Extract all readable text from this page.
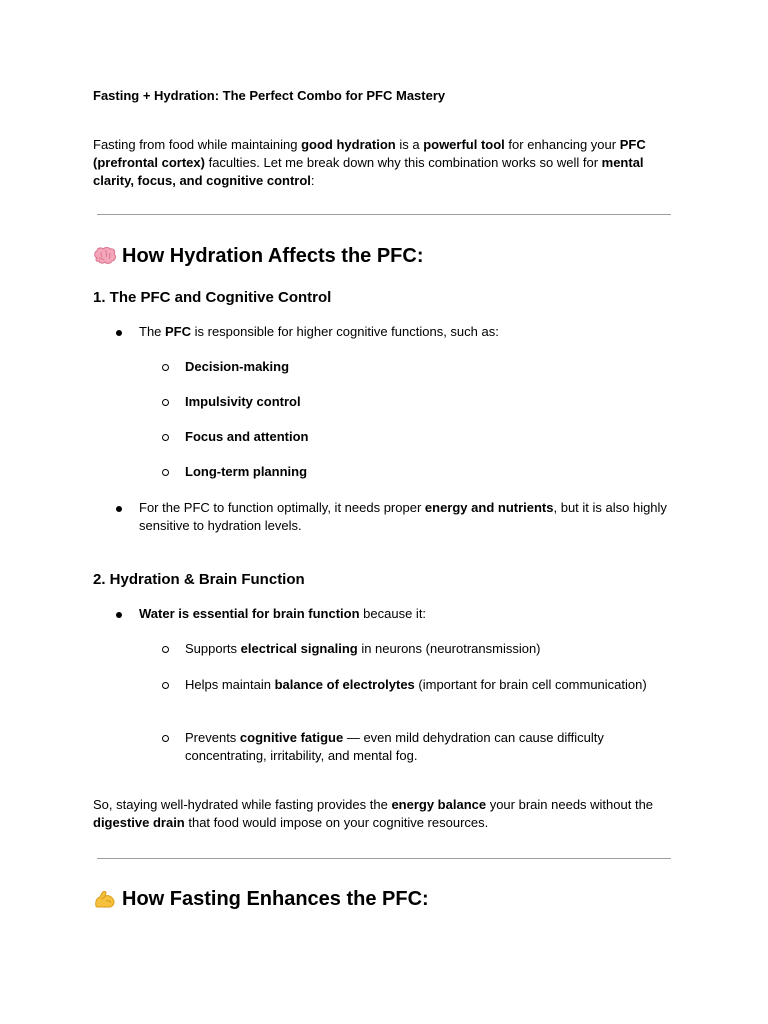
Fasting + Hydration: The Perfect Combo for PFC Mastery

Fasting from food while maintaining good hydration is a powerful tool for enhancing your PFC (prefrontal cortex) faculties. Let me break down why this combination works so well for mental clarity, focus, and cognitive control:

How Hydration Affects the PFC:
1. The PFC and Cognitive Control
The PFC is responsible for higher cognitive functions, such as:
Decision-making
Impulsivity control
Focus and attention
Long-term planning
For the PFC to function optimally, it needs proper energy and nutrients, but it is also highly sensitive to hydration levels.
2. Hydration & Brain Function
Water is essential for brain function because it:
Supports electrical signaling in neurons (neurotransmission)
Helps maintain balance of electrolytes (important for brain cell communication)
Prevents cognitive fatigue — even mild dehydration can cause difficulty concentrating, irritability, and mental fog.

So, staying well-hydrated while fasting provides the energy balance your brain needs without the digestive drain that food would impose on your cognitive resources.

How Fasting Enhances the PFC:
